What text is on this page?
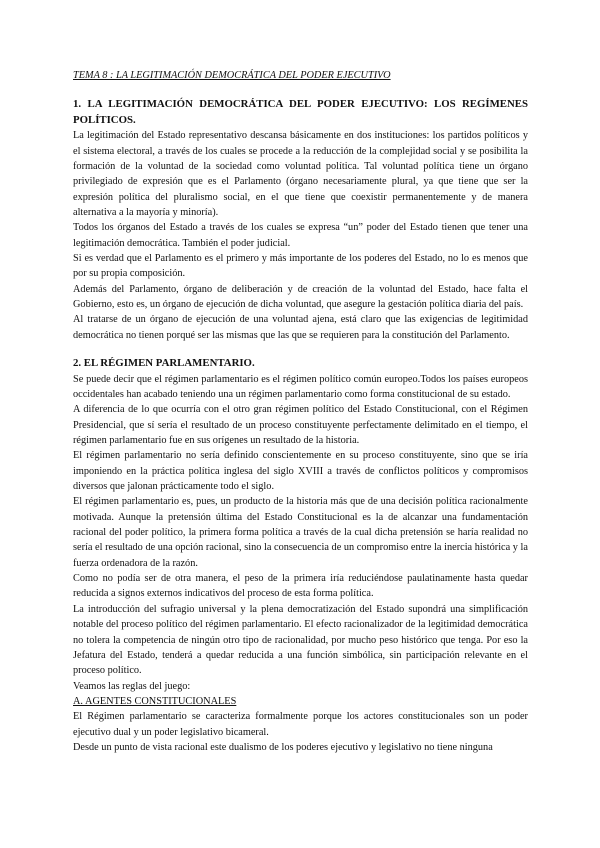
TEMA 8 : LA LEGITIMACIÓN DEMOCRÁTICA DEL PODER EJECUTIVO
1. LA LEGITIMACIÓN DEMOCRÁTICA DEL PODER EJECUTIVO: LOS REGÍMENES POLÍTICOS.

La legitimación del Estado representativo descansa básicamente en dos instituciones: los partidos políticos y el sistema electoral, a través de los cuales se procede a la reducción de la complejidad social y se posibilita la formación de la voluntad de la sociedad como voluntad política. Tal voluntad política tiene un órgano privilegiado de expresión que es el Parlamento (órgano necesariamente plural, ya que tiene que ser la expresión política del pluralismo social, en el que tiene que coexistir permanentemente y de manera alternativa a la mayoría y minoría).

Todos los órganos del Estado a través de los cuales se expresa “un” poder del Estado tienen que tener una legitimación democrática. También el poder judicial.

Si es verdad que el Parlamento es el primero y más importante de los poderes del Estado, no lo es menos que por su propia composición.

Además del Parlamento, órgano de deliberación y de creación de la voluntad del Estado, hace falta el Gobierno, esto es, un órgano de ejecución de dicha voluntad, que asegure la gestación política diaria del país.

Al tratarse de un órgano de ejecución de una voluntad ajena, está claro que las exigencias de legitimidad democrática no tienen porqué ser las mismas que las que se requieren para la constitución del Parlamento.

2. EL RÉGIMEN PARLAMENTARIO.

Se puede decir que el régimen parlamentario es el régimen político común europeo.Todos los países europeos occidentales han acabado teniendo una un régimen parlamentario como forma constitucional de su estado.

A diferencia de lo que ocurría con el otro gran régimen político del Estado Constitucional, con el Régimen Presidencial, que sí sería el resultado de un proceso constituyente perfectamente delimitado en el tiempo, el régimen parlamentario fue en sus orígenes un resultado de la historia.

El régimen parlamentario no sería definido conscientemente en su proceso constituyente, sino que se iría imponiendo en la práctica política inglesa del siglo XVIII a través de conflictos políticos y compromisos diversos que jalonan prácticamente todo el siglo.

El régimen parlamentario es, pues, un producto de la historia más que de una decisión política racionalmente motivada. Aunque la pretensión última del Estado Constitucional es la de alcanzar una fundamentación racional del poder político, la primera forma política a través de la cual dicha pretensión se haría realidad no sería el resultado de una opción racional, sino la consecuencia de un compromiso entre la inercia histórica y la fuerza ordenadora de la razón.

Como no podía ser de otra manera, el peso de la primera iría reduciéndose paulatinamente hasta quedar reducida a signos externos indicativos del proceso de esta forma política.

La introducción del sufragio universal y la plena democratización del Estado supondrá una simplificación notable del proceso político del régimen parlamentario. El efecto racionalizador de la legitimidad democrática no tolera la competencia de ningún otro tipo de racionalidad, por mucho peso histórico que tenga. Por eso la Jefatura del Estado, tenderá a quedar reducida a una función simbólica, sin participación relevante en el proceso político.

Veamos las reglas del juego:

A. AGENTES CONSTITUCIONALES

El Régimen parlamentario se caracteriza formalmente porque los actores constitucionales son un poder ejecutivo dual y un poder legislativo bicameral.

Desde un punto de vista racional este dualismo de los poderes ejecutivo y legislativo no tiene ninguna
